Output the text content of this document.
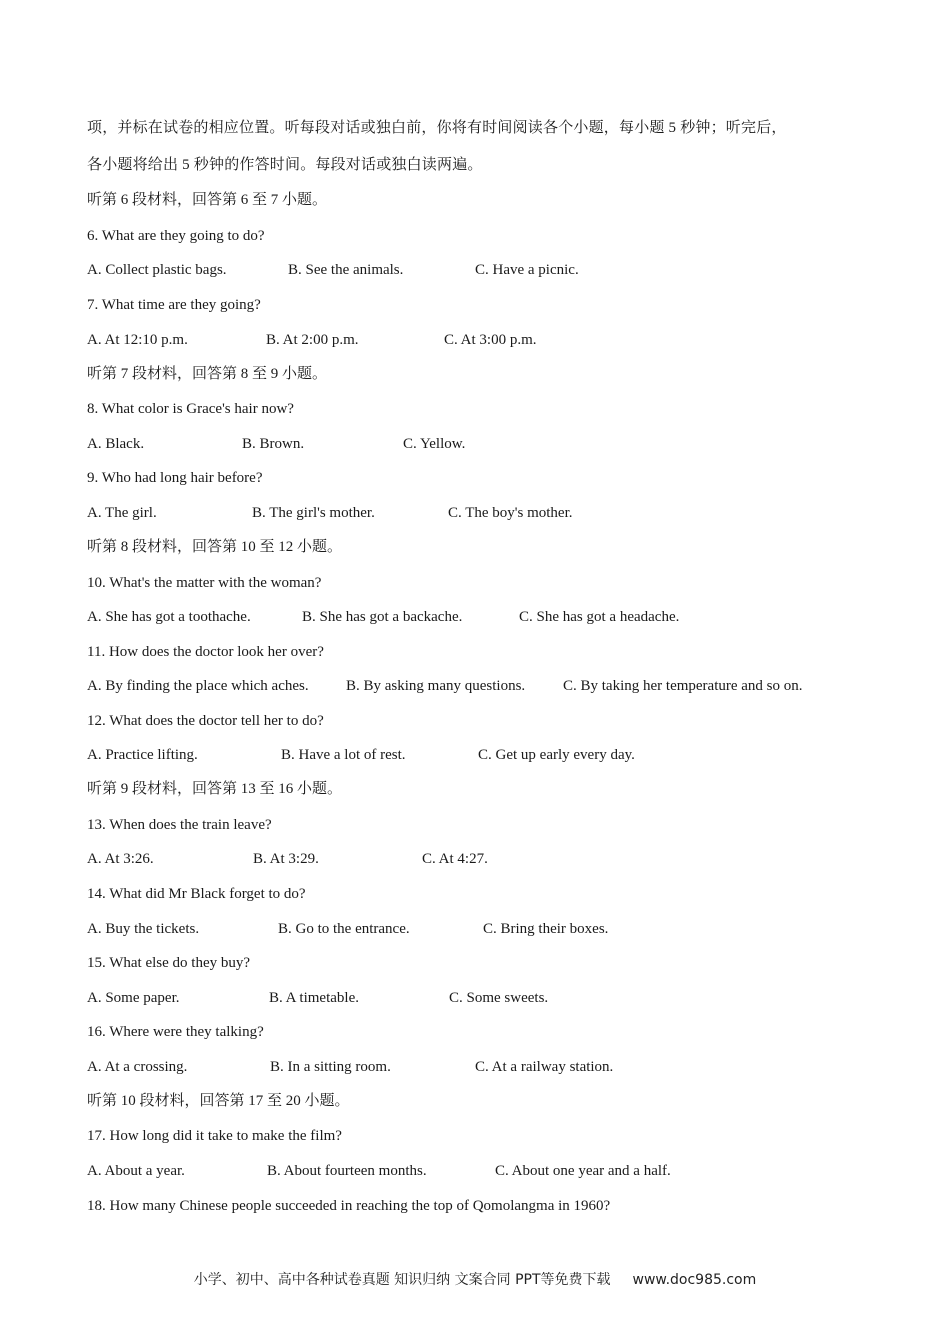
项，并标在试卷的相应位置。听每段对话或独白前，你将有时间阅读各个小题，每小题 5 秒钟；听完后，
各小题将给出 5 秒钟的作答时间。每段对话或独白读两遍。
听第 6 段材料，回答第 6 至 7 小题。
6. What are they going to do?
A. Collect plastic bags.	B. See the animals.	C. Have a picnic.
7. What time are they going?
A. At 12:10 p.m.	B. At 2:00 p.m.	C. At 3:00 p.m.
听第 7 段材料，回答第 8 至 9 小题。
8. What color is Grace's hair now?
A. Black.	B. Brown.	C. Yellow.
9. Who had long hair before?
A. The girl.	B. The girl's mother.	C. The boy's mother.
听第 8 段材料，回答第 10 至 12 小题。
10. What's the matter with the woman?
A. She has got a toothache.	B. She has got a backache.	C. She has got a headache.
11. How does the doctor look her over?
A. By finding the place which aches. B. By asking many questions.	C. By taking her temperature and so on.
12. What does the doctor tell her to do?
A. Practice lifting.	B. Have a lot of rest.	C. Get up early every day.
听第 9 段材料，回答第 13 至 16 小题。
13. When does the train leave?
A. At 3:26.	B. At 3:29.	C. At 4:27.
14. What did Mr Black forget to do?
A. Buy the tickets.	B. Go to the entrance.	C. Bring their boxes.
15. What else do they buy?
A. Some paper.	B. A timetable.	C. Some sweets.
16. Where were they talking?
A. At a crossing.	B. In a sitting room.	C. At a railway station.
听第 10 段材料，回答第 17 至 20 小题。
17. How long did it take to make the film?
A. About a year.	B. About fourteen months.	C. About one year and a half.
18. How many Chinese people succeeded in reaching the top of Qomolangma in 1960?
小学、初中、高中各种试卷真题 知识归纳 文案合同 PPT等免费下载 www.doc985.com
